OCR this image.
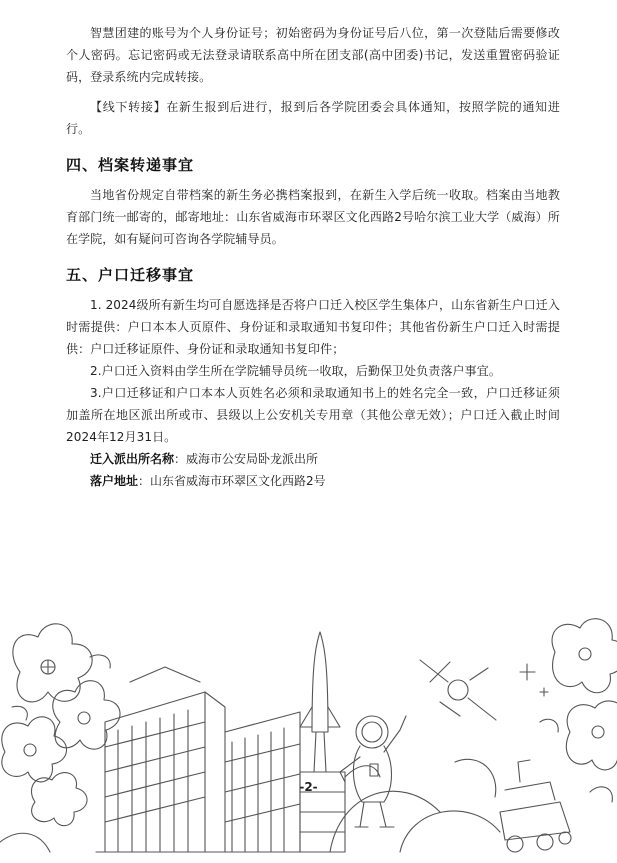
智慧团建的账号为个人身份证号；初始密码为身份证号后八位，第一次登陆后需要修改个人密码。忘记密码或无法登录请联系高中所在团支部(高中团委)书记，发送重置密码验证码，登录系统内完成转接。

【线下转接】在新生报到后进行，报到后各学院团委会具体通知，按照学院的通知进行。

四、档案转递事宜

当地省份规定自带档案的新生务必携档案报到，在新生入学后统一收取。档案由当地教育部门统一邮寄的，邮寄地址：山东省威海市环翠区文化西路2号哈尔滨工业大学（威海）所在学院，如有疑问可咨询各学院辅导员。

五、户口迁移事宜

1. 2024级所有新生均可自愿选择是否将户口迁入校区学生集体户，山东省新生户口迁入时需提供：户口本本人页原件、身份证和录取通知书复印件；其他省份新生户口迁入时需提供：户口迁移证原件、身份证和录取通知书复印件；

2.户口迁入资料由学生所在学院辅导员统一收取，后勤保卫处负责落户事宜。

3.户口迁移证和户口本本人页姓名必须和录取通知书上的姓名完全一致，户口迁移证须加盖所在地区派出所或市、县级以上公安机关专用章（其他公章无效）；户口迁入截止时间2024年12月31日。

迁入派出所名称：威海市公安局卧龙派出所

落户地址：山东省威海市环翠区文化西路2号

-2-
